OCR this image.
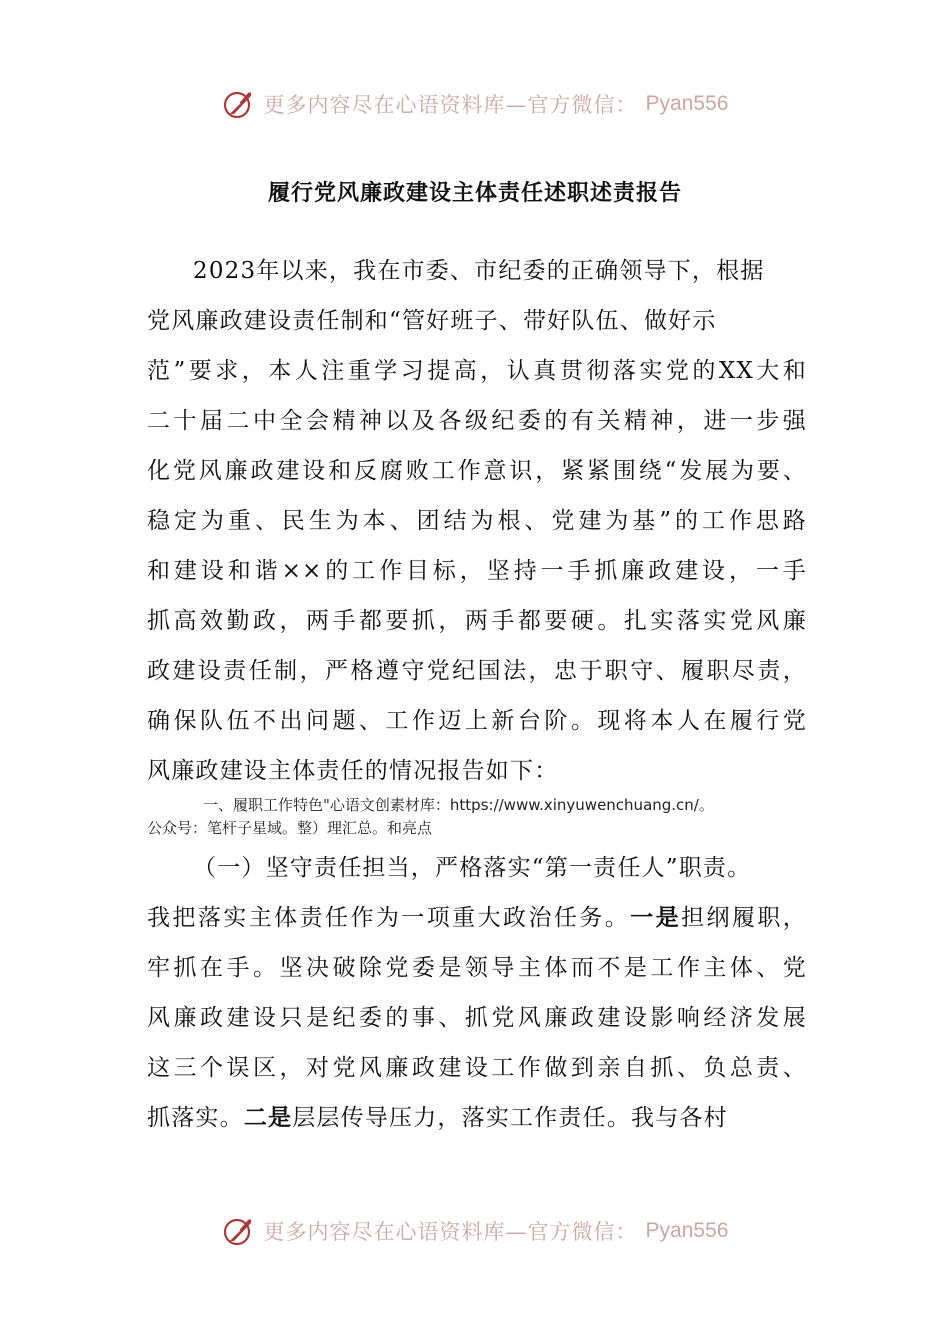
更多内容尽在心语资料库—官方微信： Pyan556
履行党风廉政建设主体责任述职述责报告
2023年以来，我在市委、市纪委的正确领导下，根据
党风廉政建设责任制和“管好班子、带好队伍、做好示
范”要求，本人注重学习提高，认真贯彻落实党的XX大和
二十届二中全会精神以及各级纪委的有关精神，进一步强
化党风廉政建设和反腐败工作意识，紧紧围绕“发展为要、
稳定为重、民生为本、团结为根、党建为基”的工作思路
和建设和谐××的工作目标，坚持一手抓廉政建设，一手
抓高效勤政，两手都要抓，两手都要硬。扎实落实党风廉
政建设责任制，严格遵守党纪国法，忠于职守、履职尽责，
确保队伍不出问题、工作迈上新台阶。现将本人在履行党
风廉政建设主体责任的情况报告如下：
一、履职工作特色"心语文创素材库：https://www.xinyuwenchuang.cn/。
公众号：笔杆子星域。整）理汇总。和亮点
（一）坚守责任担当，严格落实“第一责任人”职责。
我把落实主体责任作为一项重大政治任务。一是担纲履职，
牢抓在手。坚决破除党委是领导主体而不是工作主体、党
风廉政建设只是纪委的事、抓党风廉政建设影响经济发展
这三个误区，对党风廉政建设工作做到亲自抓、负总责、
抓落实。二是层层传导压力，落实工作责任。我与各村
更多内容尽在心语资料库—官方微信： Pyan556
